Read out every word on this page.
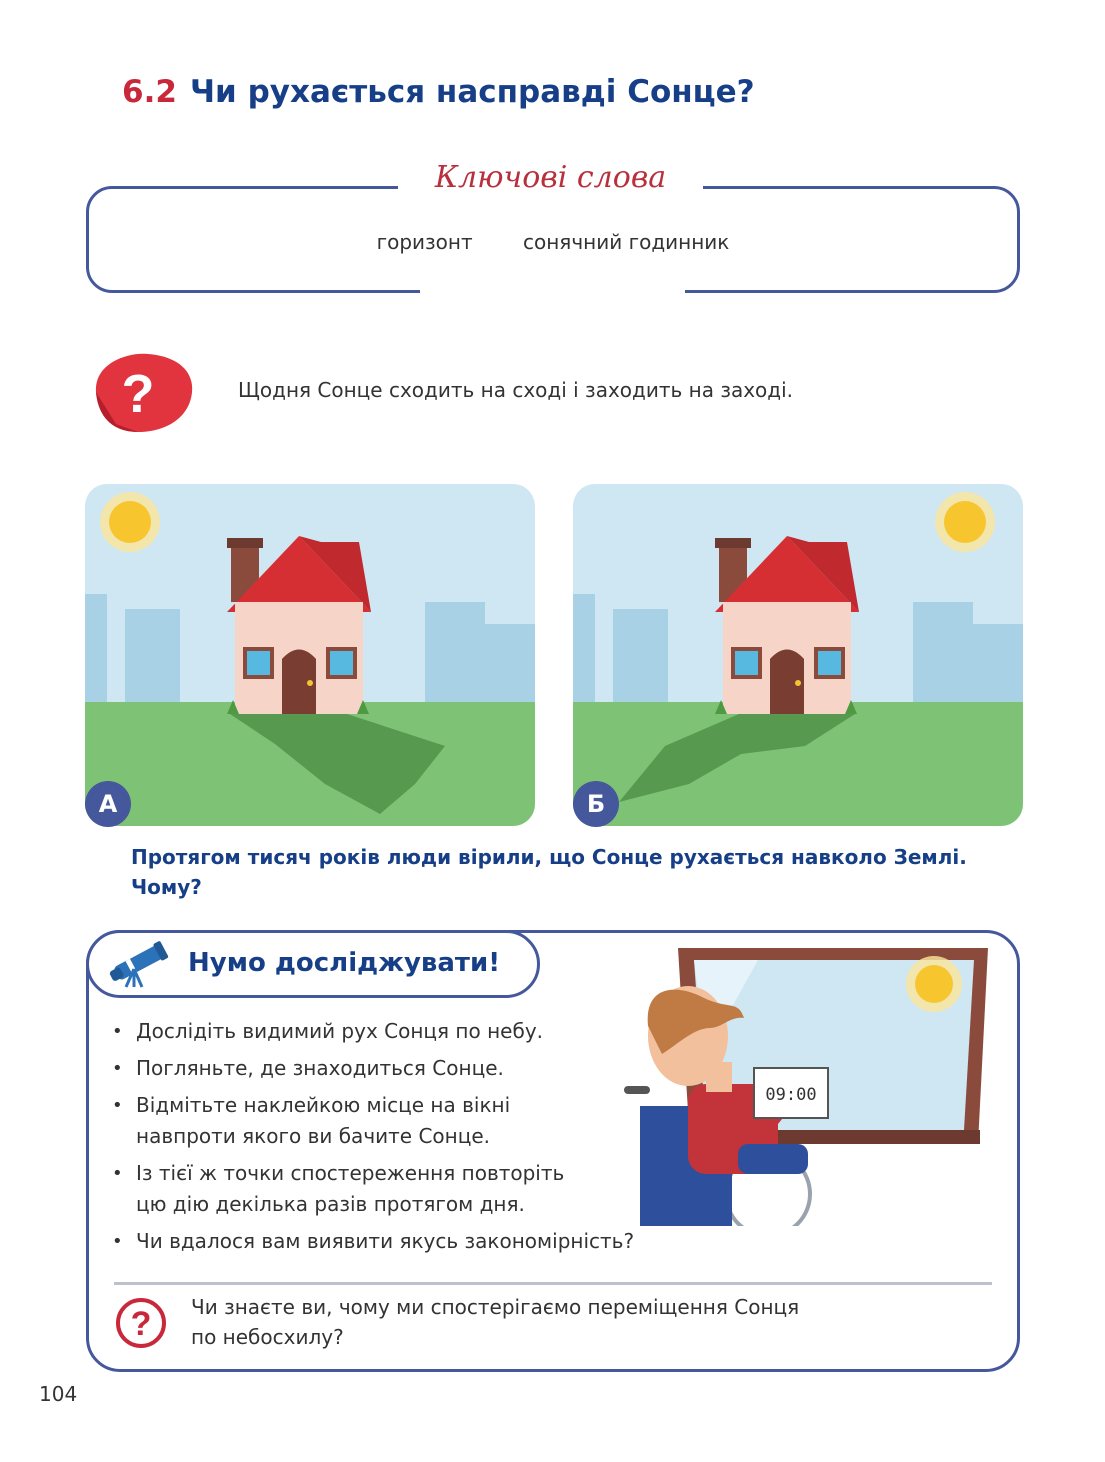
6.2 Чи рухається насправді Сонце?
Ключові слова
горизонт	сонячний годинник
?	Щодня Сонце сходить на сході і заходить на заході.
А	Б
Протягом тисяч років люди вірили, що Сонце рухається навколо Землі.
Чому?
Нумо досліджувати!
• Дослідіть видимий рух Сонця по небу.
• Погляньте, де знаходиться Сонце.
• Відмітьте наклейкою місце на вікні
навпроти якого ви бачите Сонце.
• Із тієї ж точки спостереження повторіть
цю дію декілька разів протягом дня.
• Чи вдалося вам виявити якусь закономірність?
09:00
? Чи знаєте ви, чому ми спостерігаємо переміщення Сонця
по небосхилу?
104
